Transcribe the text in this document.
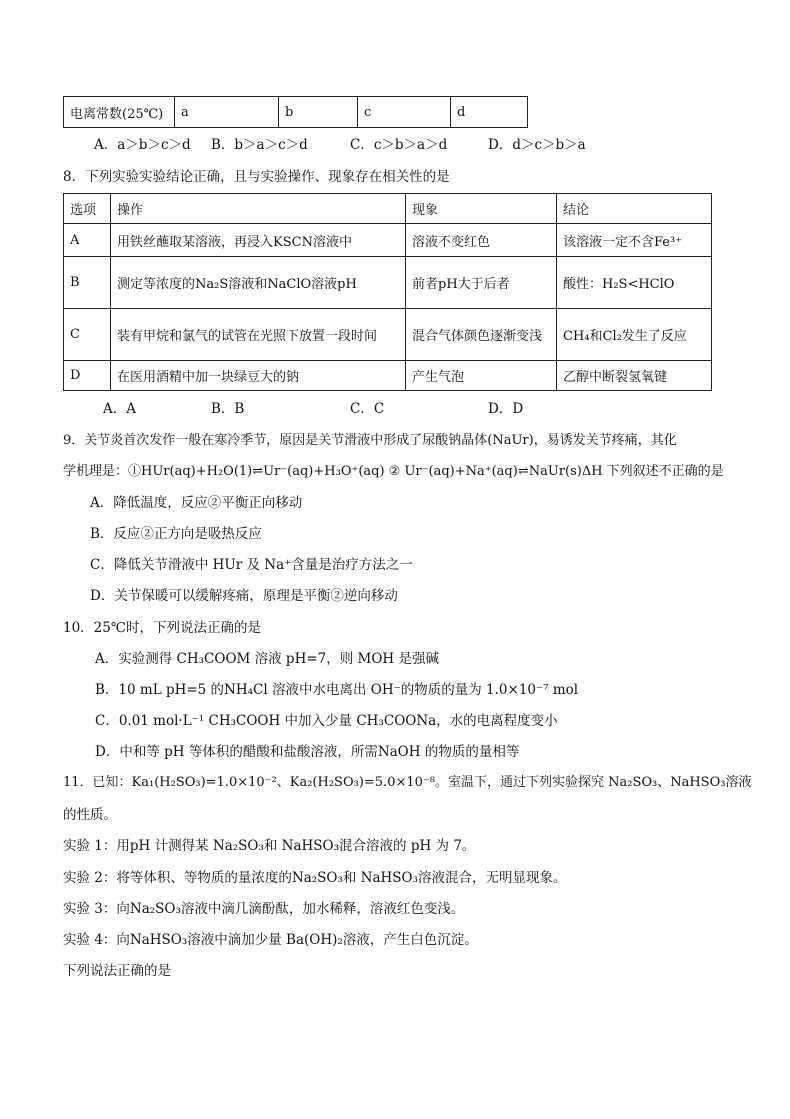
电离常数(25℃)	a	b	c	d
A．a＞b＞c＞d B．b＞a＞c＞d	C．c＞b＞a＞d	D．d＞c＞b＞a
8．下列实验实验结论正确，且与实验操作、现象存在相关性的是
选项	操作	现象	结论
A	用铁丝蘸取某溶液，再浸入KSCN溶液中	溶液不变红色	该溶液一定不含Fe³⁺
B	测定等浓度的Na₂S溶液和NaClO溶液pH	前者pH大于后者	酸性：H₂S<HClO
C	装有甲烷和氯气的试管在光照下放置一段时间	混合气体颜色逐渐变浅	CH₄和Cl₂发生了反应
D	在医用酒精中加一块绿豆大的钠	产生气泡	乙醇中断裂氢氧键
A．A	B．B	C．C	D．D
9．关节炎首次发作一般在寒冷季节，原因是关节滑液中形成了尿酸钠晶体(NaUr)，易诱发关节疼痛，其化
学机理是：①HUr(aq)+H₂O(1)⇌Ur⁻(aq)+H₃O⁺(aq) ② Ur⁻(aq)+Na⁺(aq)⇌NaUr(s)ΔH 下列叙述不正确的是
A．降低温度，反应②平衡正向移动
B．反应②正方向是吸热反应
C．降低关节滑液中 HUr 及 Na⁺含量是治疗方法之一
D．关节保暖可以缓解疼痛，原理是平衡②逆向移动
10．25℃时，下列说法正确的是
A．实验测得 CH₃COOM 溶液 pH=7，则 MOH 是强碱
B．10 mL pH=5 的NH₄Cl 溶液中水电离出 OH⁻的物质的量为 1.0×10⁻⁷ mol
C．0.01 mol·L⁻¹ CH₃COOH 中加入少量 CH₃COONa，水的电离程度变小
D．中和等 pH 等体积的醋酸和盐酸溶液，所需NaOH 的物质的量相等
11．已知：Ka₁(H₂SO₃)=1.0×10⁻²、Ka₂(H₂SO₃)=5.0×10⁻⁸。室温下，通过下列实验探究 Na₂SO₃、NaHSO₃溶液
的性质。
实验 1：用pH 计测得某 Na₂SO₃和 NaHSO₃混合溶液的 pH 为 7。
实验 2：将等体积、等物质的量浓度的Na₂SO₃和 NaHSO₃溶液混合，无明显现象。
实验 3：向Na₂SO₃溶液中滴几滴酚酞，加水稀释，溶液红色变浅。
实验 4：向NaHSO₃溶液中滴加少量 Ba(OH)₂溶液，产生白色沉淀。
下列说法正确的是
